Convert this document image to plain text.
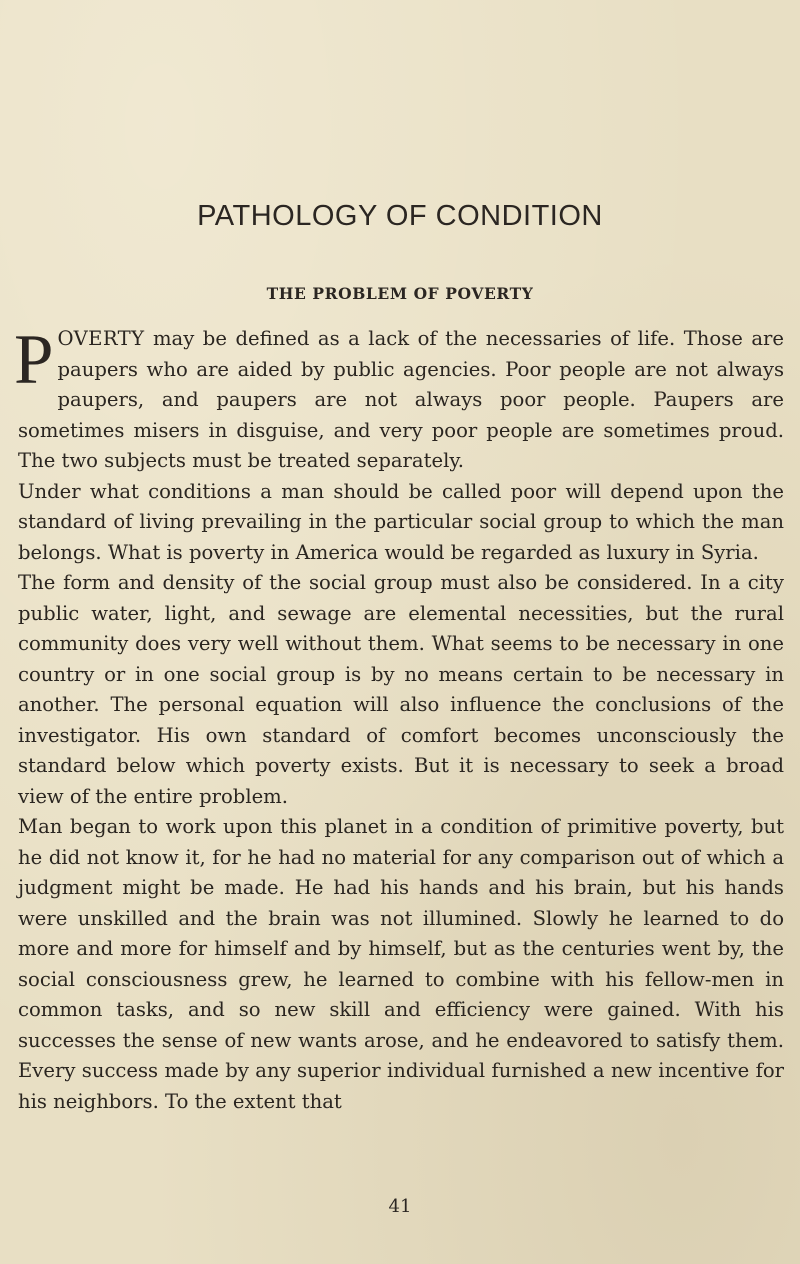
PATHOLOGY OF CONDITION
THE PROBLEM OF POVERTY

POVERTY may be defined as a lack of the necessaries of life. Those are paupers who are aided by public agencies. Poor people are not always paupers, and paupers are not always poor people. Paupers are sometimes misers in disguise, and very poor people are sometimes proud. The two subjects must be treated separately.

Under what conditions a man should be called poor will depend upon the standard of living prevailing in the particular social group to which the man belongs. What is poverty in America would be regarded as luxury in Syria.

The form and density of the social group must also be considered. In a city public water, light, and sewage are elemental necessities, but the rural community does very well without them. What seems to be necessary in one country or in one social group is by no means certain to be necessary in another. The personal equation will also influence the conclusions of the investigator. His own standard of comfort becomes unconsciously the standard below which poverty exists. But it is necessary to seek a broad view of the entire problem.

Man began to work upon this planet in a condition of primitive poverty, but he did not know it, for he had no material for any comparison out of which a judgment might be made. He had his hands and his brain, but his hands were unskilled and the brain was not illumined. Slowly he learned to do more and more for himself and by himself, but as the centuries went by, the social consciousness grew, he learned to combine with his fellow-men in common tasks, and so new skill and efficiency were gained. With his successes the sense of new wants arose, and he endeavored to satisfy them. Every success made by any superior individual furnished a new incentive for his neighbors. To the extent that

41
